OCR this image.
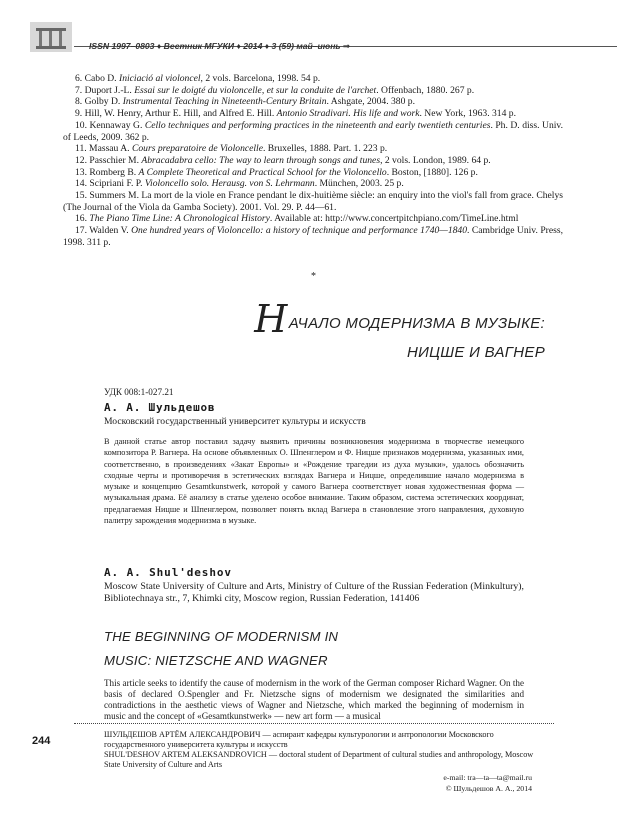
ISSN 1997–0803 ♦ Вестник МГУКИ ♦ 2014 ♦ 3 (59) май–июнь ⇒

6. Cabo D. Iniciació al violoncel, 2 vols. Barcelona, 1998. 54 p.

7. Duport J.-L. Essai sur le doigté du violoncelle, et sur la conduite de l'archet. Offenbach, 1880. 267 p.

8. Golby D. Instrumental Teaching in Nineteenth-Century Britain. Ashgate, 2004. 380 p.

9. Hill, W. Henry, Arthur E. Hill, and Alfred E. Hill. Antonio Stradivari. His life and work. New York, 1963. 314 p.

10. Kennaway G. Cello techniques and performing practices in the nineteenth and early twentieth centuries. Ph. D. diss. Univ. of Leeds, 2009. 362 p.

11. Massau A. Cours preparatoire de Violoncelle. Bruxelles, 1888. Part. 1. 223 p.

12. Passchier M. Abracadabra cello: The way to learn through songs and tunes, 2 vols. London, 1989. 64 p.

13. Romberg B. A Complete Theoretical and Practical School for the Violoncello. Boston, [1880]. 126 p.

14. Scipriani F. P. Violoncello solo. Herausg. von S. Lehrmann. München, 2003. 25 p.

15. Summers M. La mort de la viole en France pendant le dix-huitième siècle: an enquiry into the viol's fall from grace. Chelys (The Journal of the Viola da Gamba Society). 2001. Vol. 29. P. 44—61.

16. The Piano Time Line: A Chronological History. Available at: http://www.concertpitchpiano.com/TimeLine.html

17. Walden V. One hundred years of Violoncello: a history of technique and performance 1740—1840. Cambridge Univ. Press, 1998. 311 p.

*
НАЧАЛО МОДЕРНИЗМА В МУЗЫКЕ:
НИЦШЕ И ВАГНЕР
УДК 008:1-027.21
А. А. Шульдешов
Московский государственный университет культуры и искусств
В данной статье автор поставил задачу выявить причины возникновения модернизма в творчестве немецкого композитора Р. Вагнера. На основе объявленных О. Шпенглером и Ф. Ницше признаков модернизма, указанных ими, соответственно, в произведениях «Закат Европы» и «Рождение трагедии из духа музыки», удалось обозначить сходные черты и противоречия в эстетических взглядах Вагнера и Ницше, определившие начало модернизма в музыке и концепцию Gesamtkunstwerk, которой у самого Вагнера соответствует новая художественная форма — музыкальная драма. Её анализу в статье уделено особое внимание. Таким образом, система эстетических координат, предлагаемая Ницше и Шпенглером, позволяет понять вклад Вагнера в становление этого направления, духовную палитру зарождения модернизма в музыке.
A. A. Shul'deshov
Moscow State University of Culture and Arts, Ministry of Culture of the Russian Federation (Minkulturу), Bibliotechnaya str., 7, Khimki city, Moscow region, Russian Federation, 141406
THE BEGINNING OF MODERNISM IN
MUSIC: NIETZSCHE AND WAGNER
This article seeks to identify the cause of modernism in the work of the German composer Richard Wagner. On the basis of declared O.Spengler and Fr. Nietzsche signs of modernism we designated the similarities and contradictions in the aesthetic views of Wagner and Nietzsche, which marked the beginning of modernism in music and the concept of «Gesamtkunstwerk» — new art form — a musical
244
ШУЛЬДЕШОВ АРТЁМ АЛЕКСАНДРОВИЧ — аспирант кафедры культурологии и антропологии Московского государственного университета культуры и искусств
SHUL'DESHOV ARTEM ALEKSANDROVICH — doctoral student of Department of cultural studies and anthropology, Moscow State University of Culture and Arts
e-mail: tra—ta—ta@mail.ru
© Шульдешов А. А., 2014
